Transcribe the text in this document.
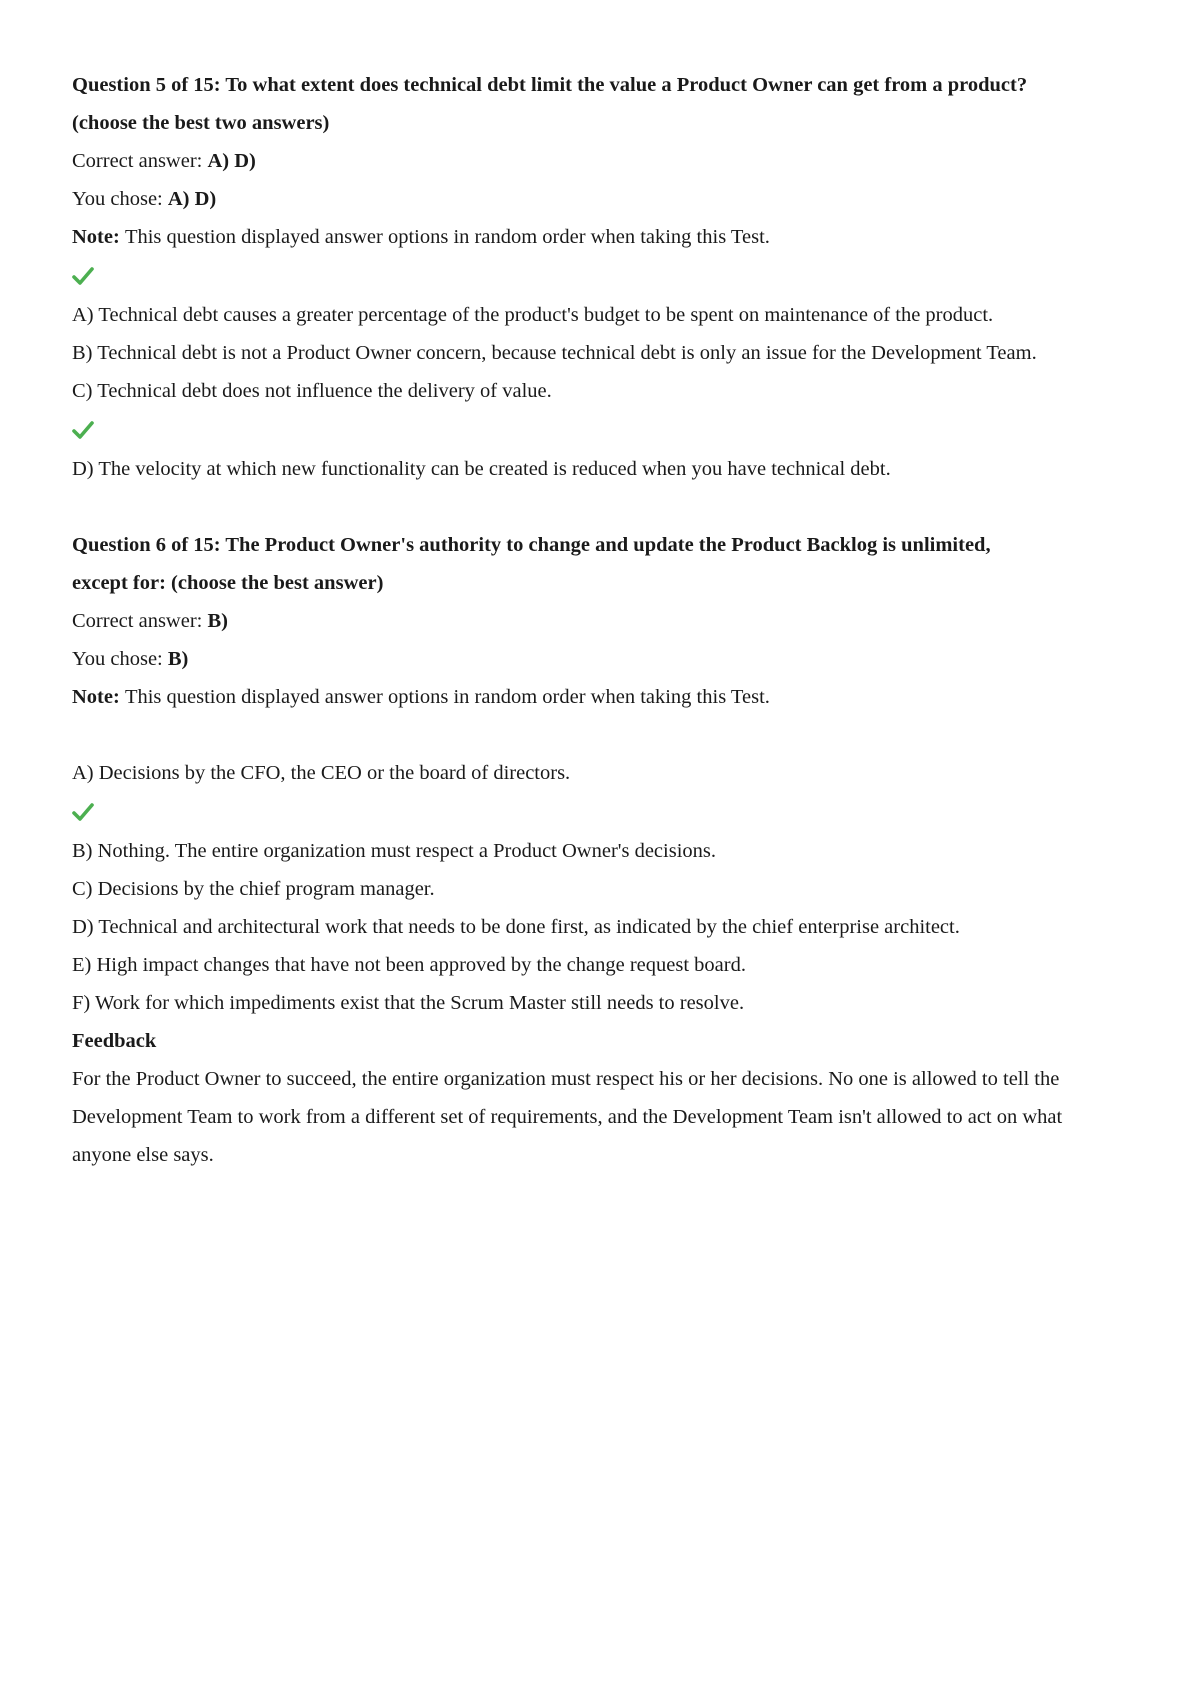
Question 5 of 15: To what extent does technical debt limit the value a Product Owner can get from a product?
(choose the best two answers)
Correct answer: A) D)
You chose: A) D)
Note: This question displayed answer options in random order when taking this Test.
A) Technical debt causes a greater percentage of the product's budget to be spent on maintenance of the product.
B) Technical debt is not a Product Owner concern, because technical debt is only an issue for the Development Team.
C) Technical debt does not influence the delivery of value.
D) The velocity at which new functionality can be created is reduced when you have technical debt.
Question 6 of 15: The Product Owner's authority to change and update the Product Backlog is unlimited,
except for: (choose the best answer)
Correct answer: B)
You chose: B)
Note: This question displayed answer options in random order when taking this Test.
A) Decisions by the CFO, the CEO or the board of directors.
B) Nothing. The entire organization must respect a Product Owner's decisions.
C) Decisions by the chief program manager.
D) Technical and architectural work that needs to be done first, as indicated by the chief enterprise architect.
E) High impact changes that have not been approved by the change request board.
F) Work for which impediments exist that the Scrum Master still needs to resolve.
Feedback
For the Product Owner to succeed, the entire organization must respect his or her decisions. No one is allowed to tell the Development Team to work from a different set of requirements, and the Development Team isn't allowed to act on what anyone else says.
